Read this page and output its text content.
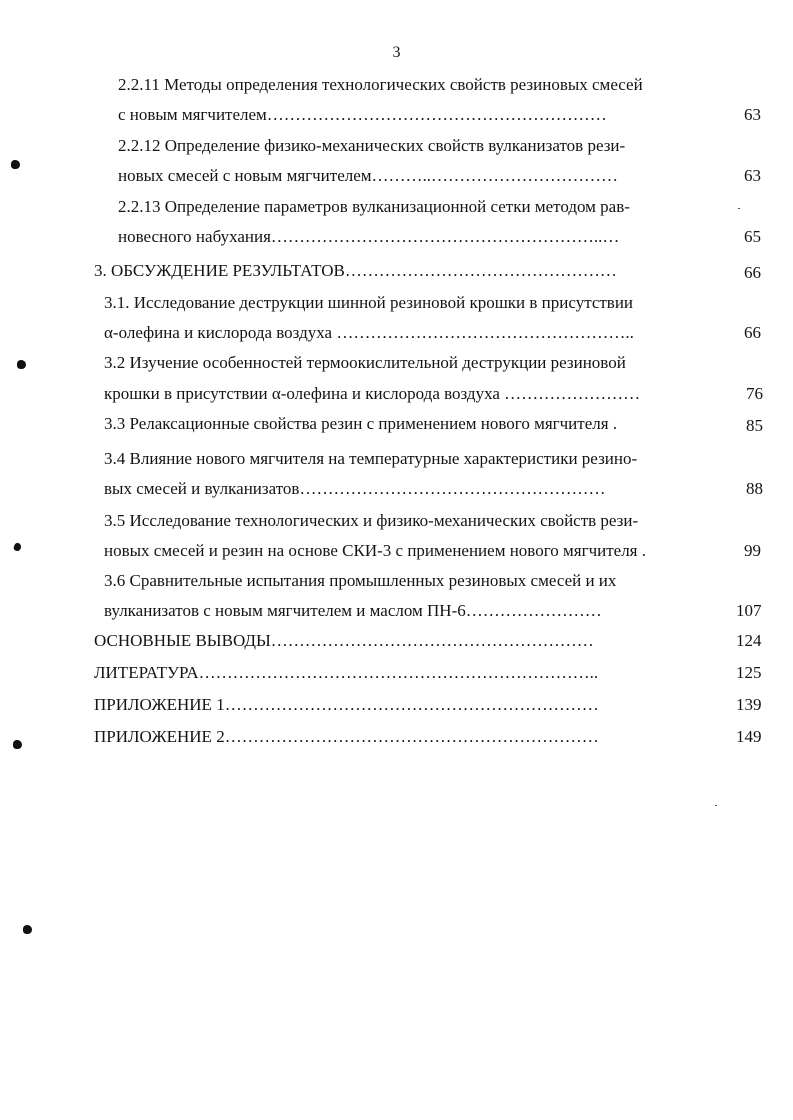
3
2.2.11 Методы определения технологических свойств резиновых смесей
с новым мягчителем……………………………………………………	63
2.2.12 Определение физико-механических свойств вулканизатов рези-
новых смесей с новым мягчителем………..……………………………	63
2.2.13 Определение параметров вулканизационной сетки методом рав-
новесного набухания…………………………………………………..…	65
3. ОБСУЖДЕНИЕ РЕЗУЛЬТАТОВ…………………………………………	66
3.1. Исследование деструкции шинной резиновой крошки в присутствии
α-олефина и кислорода воздуха ……………………………………………..	66
3.2 Изучение особенностей термоокислительной деструкции резиновой
крошки в присутствии α-олефина и кислорода воздуха ……………………	76
3.3 Релаксационные свойства резин с применением нового мягчителя .	85
3.4 Влияние нового мягчителя на температурные характеристики резино-
вых смесей и вулканизатов………………………………………………	88
3.5 Исследование технологических и физико-механических свойств рези-
новых смесей и резин на основе СКИ-3 с применением нового мягчителя .	99
3.6 Сравнительные испытания промышленных резиновых смесей и их
вулканизатов с новым мягчителем и маслом ПН-6……………………	107
ОСНОВНЫЕ ВЫВОДЫ…………………………………………………	124
ЛИТЕРАТУРА……………………………………………………………..	125
ПРИЛОЖЕНИЕ 1…………………………………………………………	139
ПРИЛОЖЕНИЕ 2…………………………………………………………	149
